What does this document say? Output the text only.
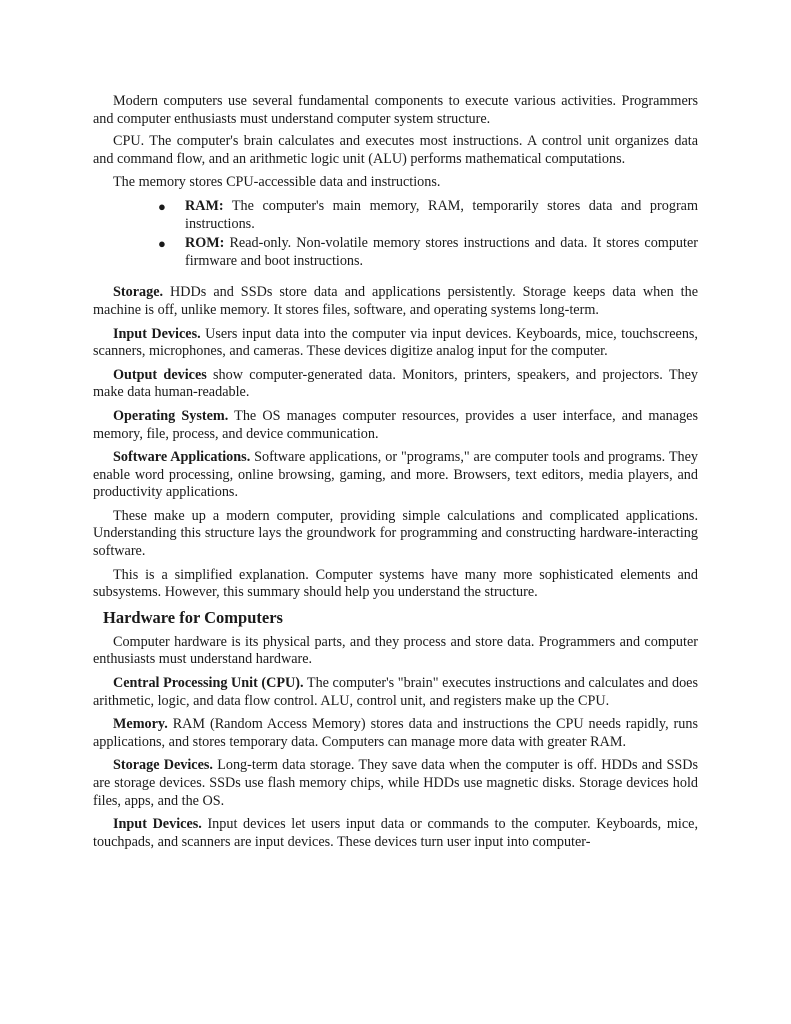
Modern computers use several fundamental components to execute various activities. Programmers and computer enthusiasts must understand computer system structure.

CPU. The computer's brain calculates and executes most instructions. A control unit organizes data and command flow, and an arithmetic logic unit (ALU) performs mathematical computations.

The memory stores CPU-accessible data and instructions.

● RAM: The computer's main memory, RAM, temporarily stores data and program instructions.
● ROM: Read-only. Non-volatile memory stores instructions and data. It stores computer firmware and boot instructions.

Storage. HDDs and SSDs store data and applications persistently. Storage keeps data when the machine is off, unlike memory. It stores files, software, and operating systems long-term.

Input Devices. Users input data into the computer via input devices. Keyboards, mice, touchscreens, scanners, microphones, and cameras. These devices digitize analog input for the computer.

Output devices show computer-generated data. Monitors, printers, speakers, and projectors. They make data human-readable.

Operating System. The OS manages computer resources, provides a user interface, and manages memory, file, process, and device communication.

Software Applications. Software applications, or "programs," are computer tools and programs. They enable word processing, online browsing, gaming, and more. Browsers, text editors, media players, and productivity applications.

These make up a modern computer, providing simple calculations and complicated applications. Understanding this structure lays the groundwork for programming and constructing hardware-interacting software.

This is a simplified explanation. Computer systems have many more sophisticated elements and subsystems. However, this summary should help you understand the structure.

Hardware for Computers

Computer hardware is its physical parts, and they process and store data. Programmers and computer enthusiasts must understand hardware.

Central Processing Unit (CPU). The computer's "brain" executes instructions and calculates and does arithmetic, logic, and data flow control. ALU, control unit, and registers make up the CPU.

Memory. RAM (Random Access Memory) stores data and instructions the CPU needs rapidly, runs applications, and stores temporary data. Computers can manage more data with greater RAM.

Storage Devices. Long-term data storage. They save data when the computer is off. HDDs and SSDs are storage devices. SSDs use flash memory chips, while HDDs use magnetic disks. Storage devices hold files, apps, and the OS.

Input Devices. Input devices let users input data or commands to the computer. Keyboards, mice, touchpads, and scanners are input devices. These devices turn user input into computer-
